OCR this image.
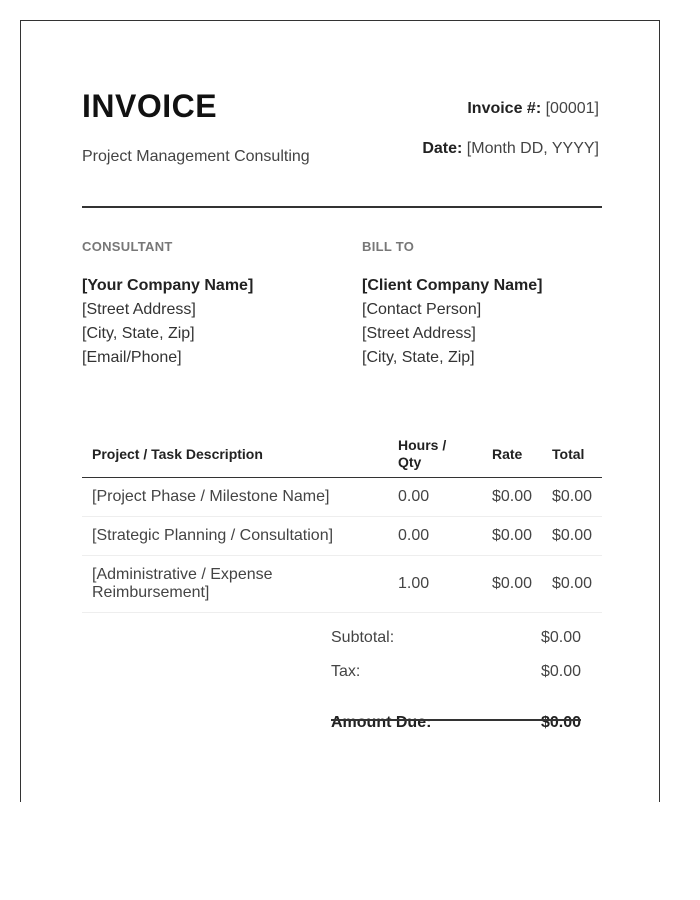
INVOICE
Project Management Consulting
Invoice #: [00001]
Date: [Month DD, YYYY]
CONSULTANT
[Your Company Name]
[Street Address]
[City, State, Zip]
[Email/Phone]
BILL TO
[Client Company Name]
[Contact Person]
[Street Address]
[City, State, Zip]
Project / Task Description	Hours / Qty	Rate	Total
[Project Phase / Milestone Name]	0.00	$0.00	$0.00
[Strategic Planning / Consultation]	0.00	$0.00	$0.00
[Administrative / Expense Reimbursement]	1.00	$0.00	$0.00
Subtotal:	$0.00
Tax:	$0.00
Amount Due:	$0.00
